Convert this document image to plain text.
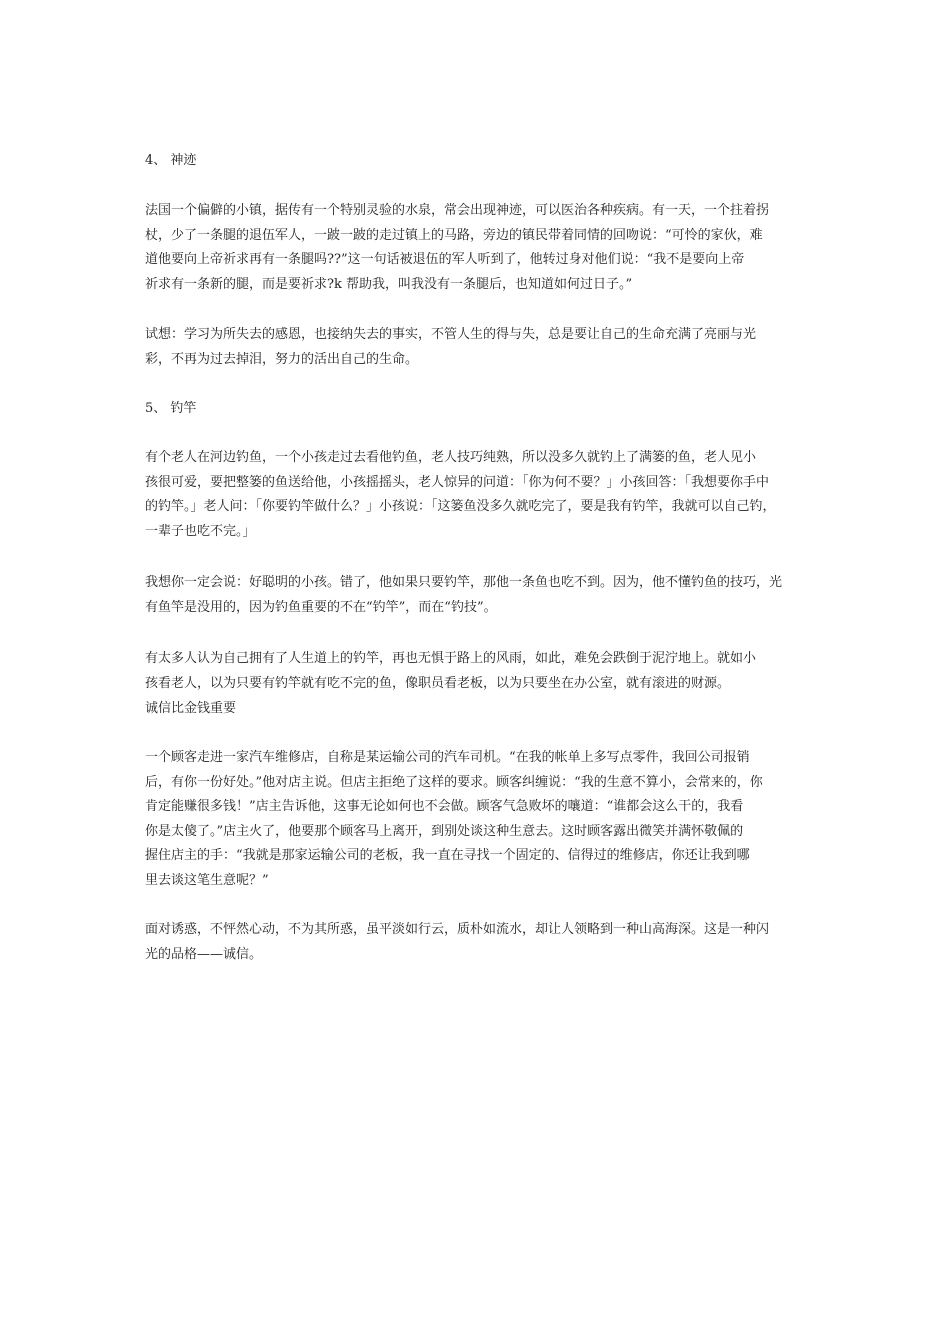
4、 神迹
法国一个偏僻的小镇，据传有一个特别灵验的水泉，常会出现神迹，可以医治各种疾病。有一天，一个拄着拐
杖，少了一条腿的退伍军人，一跛一跛的走过镇上的马路，旁边的镇民带着同情的回吻说：“可怜的家伙，难
道他要向上帝祈求再有一条腿吗??”这一句话被退伍的军人听到了，他转过身对他们说：“我不是要向上帝
祈求有一条新的腿，而是要祈求?k 帮助我，叫我没有一条腿后，也知道如何过日子。”
试想：学习为所失去的感恩，也接纳失去的事实，不管人生的得与失，总是要让自己的生命充满了亮丽与光
彩，不再为过去掉泪，努力的活出自己的生命。
5、 钓竿
有个老人在河边钓鱼，一个小孩走过去看他钓鱼，老人技巧纯熟，所以没多久就钓上了满篓的鱼，老人见小
孩很可爱，要把整篓的鱼送给他，小孩摇摇头，老人惊异的问道：「你为何不要？」小孩回答：「我想要你手中
的钓竿。」老人问：「你要钓竿做什么？」小孩说：「这篓鱼没多久就吃完了，要是我有钓竿，我就可以自己钓，
一辈子也吃不完。」
我想你一定会说：好聪明的小孩。错了，他如果只要钓竿，那他一条鱼也吃不到。因为，他不懂钓鱼的技巧，光
有鱼竿是没用的，因为钓鱼重要的不在“钓竿”，而在“钓技”。
有太多人认为自己拥有了人生道上的钓竿，再也无惧于路上的风雨，如此，难免会跌倒于泥泞地上。就如小
孩看老人，以为只要有钓竿就有吃不完的鱼，像职员看老板，以为只要坐在办公室，就有滚进的财源。
诚信比金钱重要
一个顾客走进一家汽车维修店，自称是某运输公司的汽车司机。“在我的帐单上多写点零件，我回公司报销
后，有你一份好处。”他对店主说。但店主拒绝了这样的要求。顾客纠缠说：“我的生意不算小，会常来的，你
肯定能赚很多钱！”店主告诉他，这事无论如何也不会做。顾客气急败坏的嚷道：“谁都会这么干的，我看
你是太傻了。”店主火了，他要那个顾客马上离开，到别处谈这种生意去。这时顾客露出微笑并满怀敬佩的
握住店主的手：“我就是那家运输公司的老板，我一直在寻找一个固定的、信得过的维修店，你还让我到哪
里去谈这笔生意呢？”
面对诱惑，不怦然心动，不为其所惑，虽平淡如行云，质朴如流水，却让人领略到一种山高海深。这是一种闪
光的品格——诚信。
